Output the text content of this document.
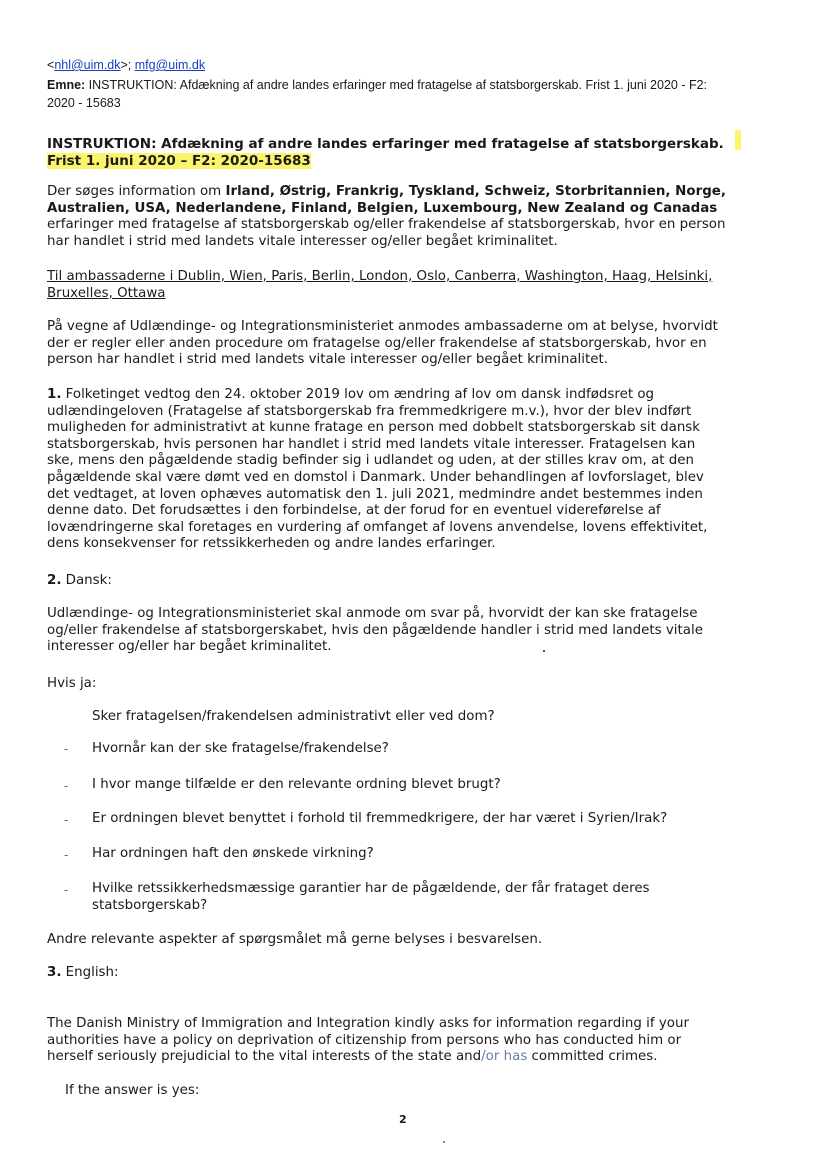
<nhl@uim.dk>; mfg@uim.dk
Emne: INSTRUKTION: Afdækning af andre landes erfaringer med fratagelse af statsborgerskab. Frist 1. juni 2020 - F2:
2020 - 15683
INSTRUKTION: Afdækning af andre landes erfaringer med fratagelse af statsborgerskab.
Frist 1. juni 2020 – F2: 2020-15683
Der søges information om Irland, Østrig, Frankrig, Tyskland, Schweiz, Storbritannien, Norge,
Australien, USA, Nederlandene, Finland, Belgien, Luxembourg, New Zealand og Canadas
erfaringer med fratagelse af statsborgerskab og/eller frakendelse af statsborgerskab, hvor en person
har handlet i strid med landets vitale interesser og/eller begået kriminalitet.
Til ambassaderne i Dublin, Wien, Paris, Berlin, London, Oslo, Canberra, Washington, Haag, Helsinki,
Bruxelles, Ottawa
På vegne af Udlændinge- og Integrationsministeriet anmodes ambassaderne om at belyse, hvorvidt
der er regler eller anden procedure om fratagelse og/eller frakendelse af statsborgerskab, hvor en
person har handlet i strid med landets vitale interesser og/eller begået kriminalitet.
1. Folketinget vedtog den 24. oktober 2019 lov om ændring af lov om dansk indfødsret og
udlændingeloven (Fratagelse af statsborgerskab fra fremmedkrigere m.v.), hvor der blev indført
muligheden for administrativt at kunne fratage en person med dobbelt statsborgerskab sit dansk
statsborgerskab, hvis personen har handlet i strid med landets vitale interesser. Fratagelsen kan
ske, mens den pågældende stadig befinder sig i udlandet og uden, at der stilles krav om, at den
pågældende skal være dømt ved en domstol i Danmark. Under behandlingen af lovforslaget, blev
det vedtaget, at loven ophæves automatisk den 1. juli 2021, medmindre andet bestemmes inden
denne dato. Det forudsættes i den forbindelse, at der forud for en eventuel videreførelse af
lovændringerne skal foretages en vurdering af omfanget af lovens anvendelse, lovens effektivitet,
dens konsekvenser for retssikkerheden og andre landes erfaringer.
2. Dansk:
Udlændinge- og Integrationsministeriet skal anmode om svar på, hvorvidt der kan ske fratagelse
og/eller frakendelse af statsborgerskabet, hvis den pågældende handler i strid med landets vitale
interesser og/eller har begået kriminalitet.
Hvis ja:
Sker fratagelsen/frakendelsen administrativt eller ved dom?
- Hvornår kan der ske fratagelse/frakendelse?
- I hvor mange tilfælde er den relevante ordning blevet brugt?
- Er ordningen blevet benyttet i forhold til fremmedkrigere, der har været i Syrien/Irak?
- Har ordningen haft den ønskede virkning?
- Hvilke retssikkerhedsmæssige garantier har de pågældende, der får frataget deres
statsborgerskab?
Andre relevante aspekter af spørgsmålet må gerne belyses i besvarelsen.
3. English:
The Danish Ministry of Immigration and Integration kindly asks for information regarding if your
authorities have a policy on deprivation of citizenship from persons who has conducted him or
herself seriously prejudicial to the vital interests of the state and/or has committed crimes.
If the answer is yes:
2
